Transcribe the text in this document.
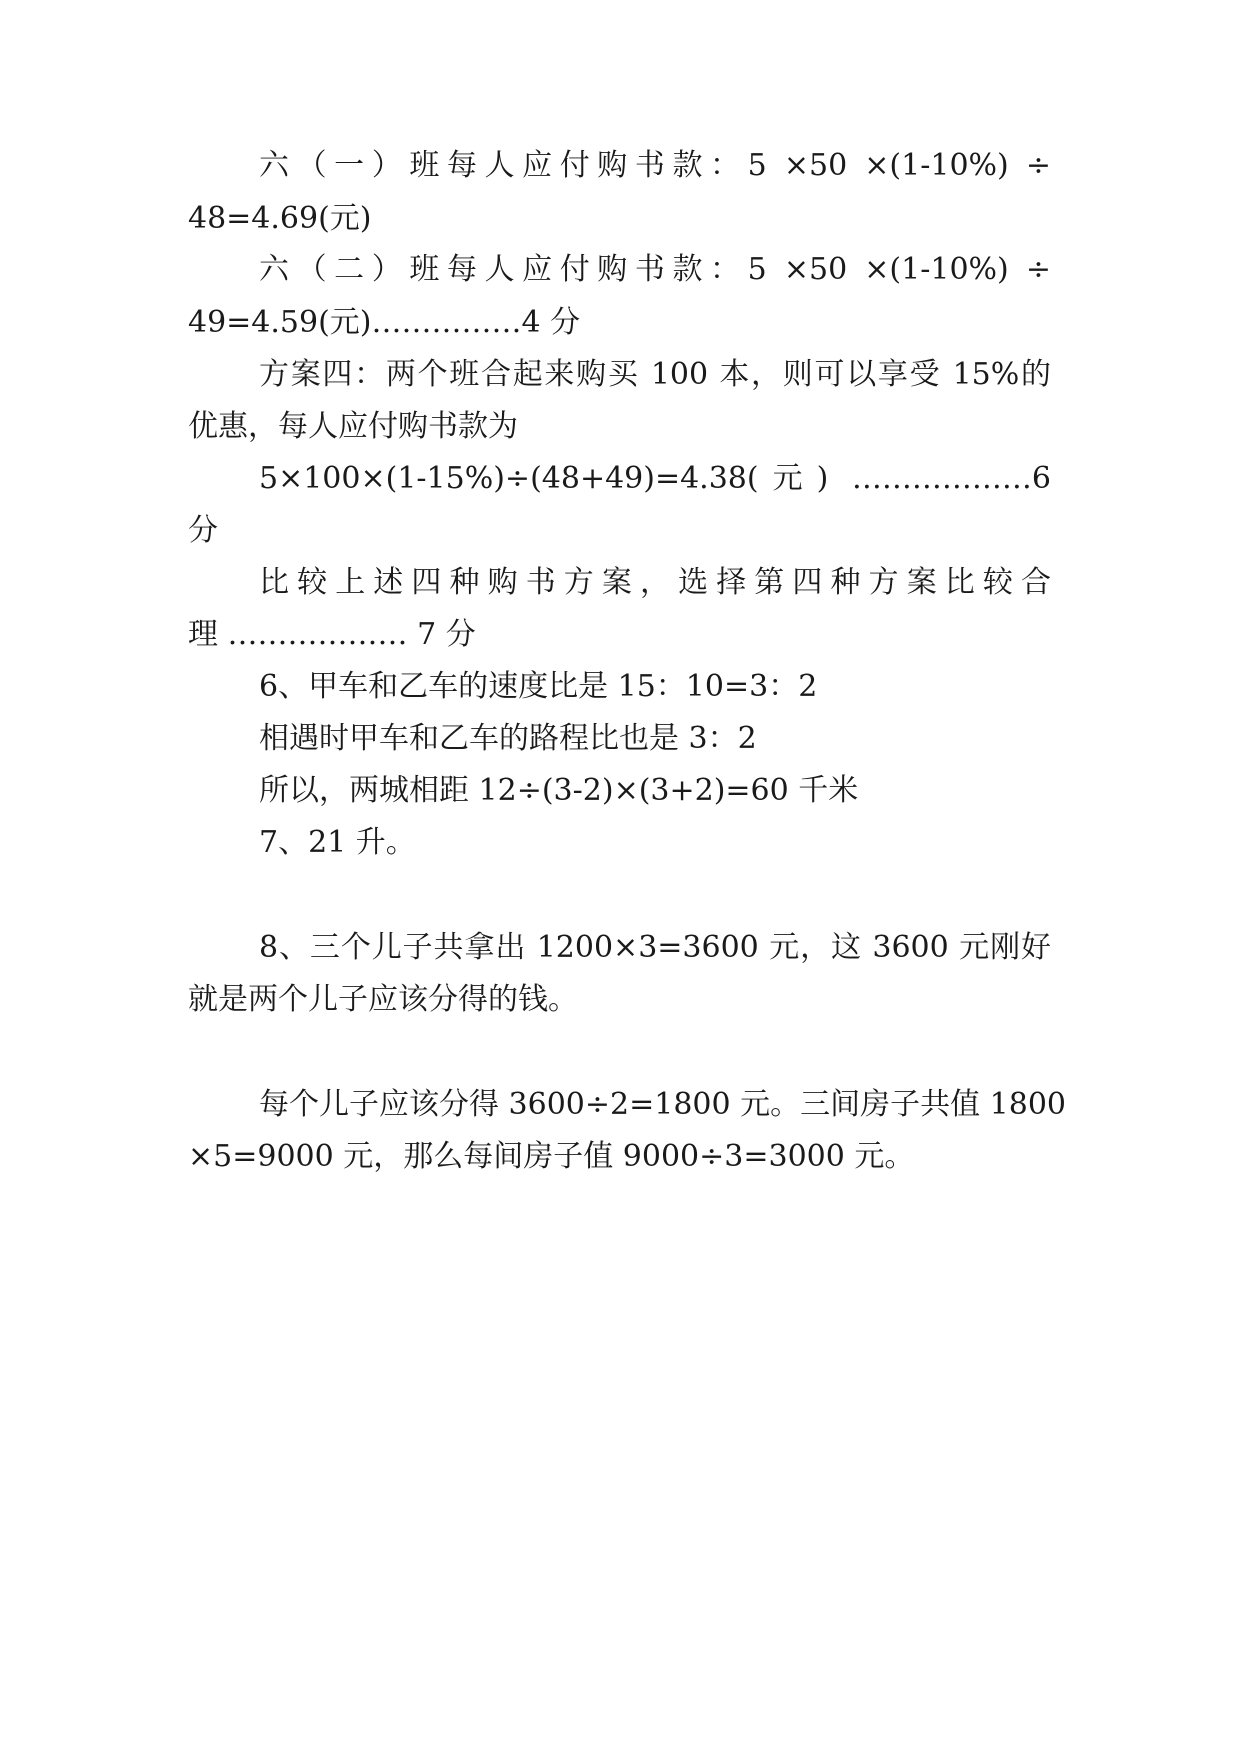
六（一）班每人应付购书款：5 ×50 ×(1-10%) ÷
48=4.69(元)
六（二）班每人应付购书款：5 ×50 ×(1-10%) ÷
49=4.59(元)……………4 分
方案四：两个班合起来购买 100 本，则可以享受 15%的
优惠，每人应付购书款为
5×100×(1-15%)÷(48+49)=4.38(元) ………………6
分
比较上述四种购书方案，选择第四种方案比较合
理 ……………… 7 分
6、甲车和乙车的速度比是 15：10=3：2
相遇时甲车和乙车的路程比也是 3：2
所以，两城相距 12÷(3-2)×(3+2)=60 千米
7、21 升。
8、三个儿子共拿出 1200×3=3600 元，这 3600 元刚好
就是两个儿子应该分得的钱。
每个儿子应该分得 3600÷2=1800 元。三间房子共值 1800
×5=9000 元，那么每间房子值 9000÷3=3000 元。
